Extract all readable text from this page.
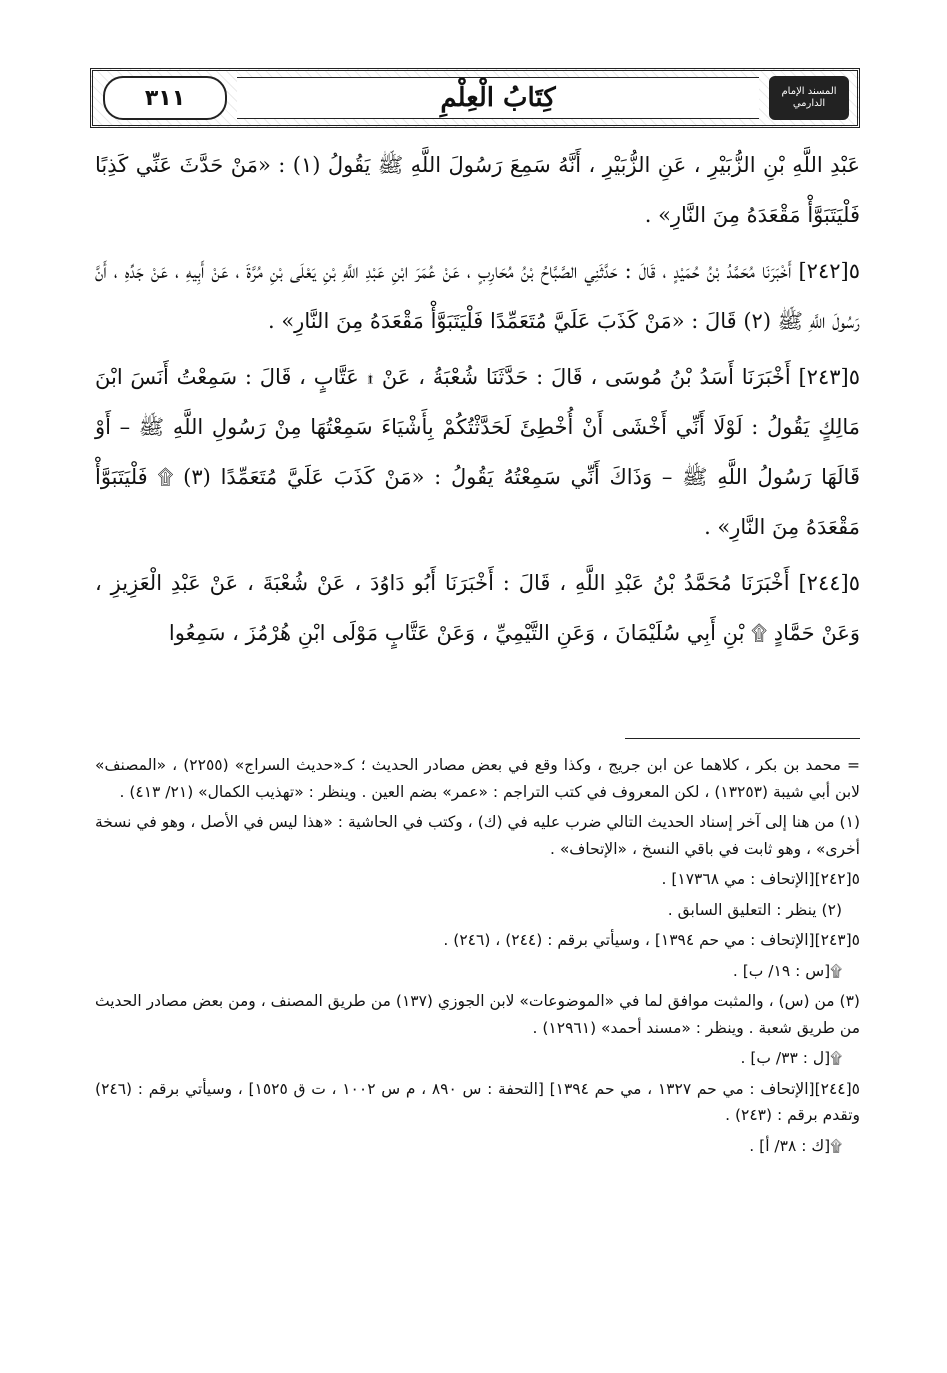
٣١١	كِتَابُ الْعِلْمِ	المسند الإمام الدارمي

عَبْدِ اللَّهِ بْنِ الزُّبَيْرِ ، عَنِ الزُّبَيْرِ ، أَنَّهُ سَمِعَ رَسُولَ اللَّهِ ﷺ يَقُولُ (١) : «مَنْ حَدَّثَ عَنِّي كَذِبًا فَلْيَتَبَوَّأْ مَقْعَدَهُ مِنَ النَّارِ» .

٥[٢٤٢] أَخْبَرَنَا مُحَمَّدُ بْنُ حُمَيْدٍ ، قَالَ : حَدَّثَنِي الصَّبَّاحُ بْنُ مُحَارِبٍ ، عَنْ عُمَرَ ابْنِ عَبْدِ اللَّهِ بْنِ يَعْلَى بْنِ مُرَّةَ ، عَنْ أَبِيهِ ، عَنْ جَدِّهِ ، أَنَّ رَسُولَ اللَّهِ ﷺ (٢) قَالَ : «مَنْ كَذَبَ عَلَيَّ مُتَعَمِّدًا فَلْيَتَبَوَّأْ مَقْعَدَهُ مِنَ النَّارِ» .

٥[٢٤٣] أَخْبَرَنَا أَسَدُ بْنُ مُوسَى ، قَالَ : حَدَّثَنَا شُعْبَةُ ، عَنْ ۩ عَتَّابٍ ، قَالَ : سَمِعْتُ أَنَسَ ابْنَ مَالِكٍ يَقُولُ : لَوْلَا أَنِّي أَخْشَى أَنْ أُخْطِئَ لَحَدَّثْتُكُمْ بِأَشْيَاءَ سَمِعْتُهَا مِنْ رَسُولِ اللَّهِ ﷺ – أَوْ قَالَهَا رَسُولُ اللَّهِ ﷺ – وَذَاكَ أَنِّي سَمِعْتُهُ يَقُولُ : «مَنْ كَذَبَ عَلَيَّ مُتَعَمِّدًا (٣) ۩ فَلْيَتَبَوَّأْ مَقْعَدَهُ مِنَ النَّارِ» .

٥[٢٤٤] أَخْبَرَنَا مُحَمَّدُ بْنُ عَبْدِ اللَّهِ ، قَالَ : أَخْبَرَنَا أَبُو دَاوُدَ ، عَنْ شُعْبَةَ ، عَنْ عَبْدِ الْعَزِيزِ ، وَعَنْ حَمَّادٍ ۩ بْنِ أَبِي سُلَيْمَانَ ، وَعَنِ التَّيْمِيِّ ، وَعَنْ عَتَّابٍ مَوْلَى ابْنِ هُرْمُزَ ، سَمِعُوا

= محمد بن بكر ، كلاهما عن ابن جريج ، وكذا وقع في بعض مصادر الحديث ؛ كـ«حديث السراج» (٢٢٥٥) ، «المصنف» لابن أبي شيبة (١٣٢٥٣) ، لكن المعروف في كتب التراجم : «عمر» بضم العين . وينظر : «تهذيب الكمال» (٢١/ ٤١٣) .

(١) من هنا إلى آخر إسناد الحديث التالي ضرب عليه في (ك) ، وكتب في الحاشية : «هذا ليس في الأصل ، وهو في نسخة أخرى» ، وهو ثابت في باقي النسخ ، «الإتحاف» .

٥[٢٤٢][الإتحاف : مي ١٧٣٦٨] .

(٢) ينظر : التعليق السابق .

٥[٢٤٣][الإتحاف : مي حم ١٣٩٤] ، وسيأتي برقم : (٢٤٤) ، (٢٤٦) .

۩[س : ١٩/ ب] .

(٣) من (س) ، والمثبت موافق لما في «الموضوعات» لابن الجوزي (١٣٧) من طريق المصنف ، ومن بعض مصادر الحديث من طريق شعبة . وينظر : «مسند أحمد» (١٢٩٦١) .

۩[ل : ٣٣/ ب] .

٥[٢٤٤][الإتحاف : مي حم ١٣٢٧ ، مي حم ١٣٩٤] [التحفة : س ٨٩٠ ، م س ١٠٠٢ ، ت ق ١٥٢٥] ، وسيأتي برقم : (٢٤٦) وتقدم برقم : (٢٤٣) .

۩[ك : ٣٨/ أ] .
